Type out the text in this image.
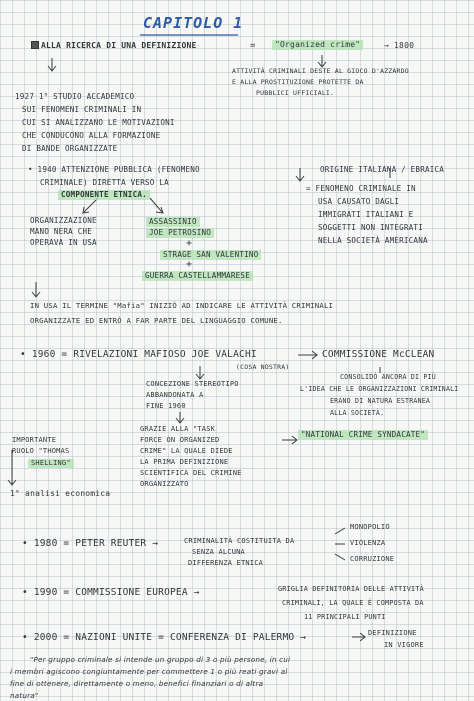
CAPITOLO 1
ALLA RICERCA DI UNA DEFINIZIONE	=	"Organized crime"	→ 1800
ATTIVITÀ CRIMINALI DESTE AL GIOCO D'AZZARDO
E ALLA PROSTITUZIONE PROTETTE DA
PUBBLICI UFFICIALI.
1927 1° STUDIO ACCADEMICO
SUI FENOMENI CRIMINALI IN
CUI SI ANALIZZANO LE MOTIVAZIONI
CHE CONDUCONO ALLA FORMAZIONE
DI BANDE ORGANIZZATE
• 1940 ATTENZIONE PUBBLICA (FENOMENO
CRIMINALE) DIRETTA VERSO LA
COMPONENTE ETNICA.
ORIGINE ITALIANA / EBRAICA
= FENOMENO CRIMINALE IN
USA CAUSATO DAGLI
IMMIGRATI ITALIANI E
SOGGETTI NON INTEGRATI
NELLA SOCIETÀ AMERICANA
ORGANIZZAZIONE
MANO NERA CHE
OPERAVA IN USA
ASSASSINIO
JOE PETROSINO
+
STRAGE SAN VALENTINO
+
GUERRA CASTELLAMMARESE
IN USA IL TERMINE "Mafia" INIZIÒ AD INDICARE LE ATTIVITÀ CRIMINALI
ORGANIZZATE ED ENTRÒ A FAR PARTE DEL LINGUAGGIO COMUNE.
• 1960 = RIVELAZIONI MAFIOSO JOE VALACHI
(COSA NOSTRA)
COMMISSIONE McCLEAN
CONSOLIDÒ ANCORA DI PIÙ
L'IDEA CHE LE ORGANIZZAZIONI CRIMINALI
ERANO DI NATURA ESTRANEA
ALLA SOCIETÀ.
CONCEZIONE STEREOTIPO
ABBANDONATA A
FINE 1960
GRAZIE ALLA "TASK
FORCE ON ORGANIZED
CRIME" LA QUALE DIEDE
LA PRIMA DEFINIZIONE
SCIENTIFICA DEL CRIMINE
ORGANIZZATO
"NATIONAL CRIME SYNDACATE"
IMPORTANTE
RUOLO "THOMAS
SHELLING"
1° analisi economica
• 1980 = PETER REUTER →	CRIMINALITÀ COSTITUITA DA
SENZA ALCUNA
DIFFERENZA ETNICA
MONOPOLIO
VIOLENZA
CORRUZIONE
• 1990 = COMMISSIONE EUROPEA →	GRIGLIA DEFINITORIA DELLE ATTIVITÀ
CRIMINALI, LA QUALE È COMPOSTA DA
11 PRINCIPALI PUNTI
• 2000 = NAZIONI UNITE = CONFERENZA DI PALERMO →	DEFINIZIONE
IN VIGORE
"Per gruppo criminale si intende un gruppo di 3 o più persone, in cui
i membri agiscono congiuntamente per commettere 1 o più reati gravi al
fine di ottenere, direttamente o meno, benefici finanziari o di altra
natura"
